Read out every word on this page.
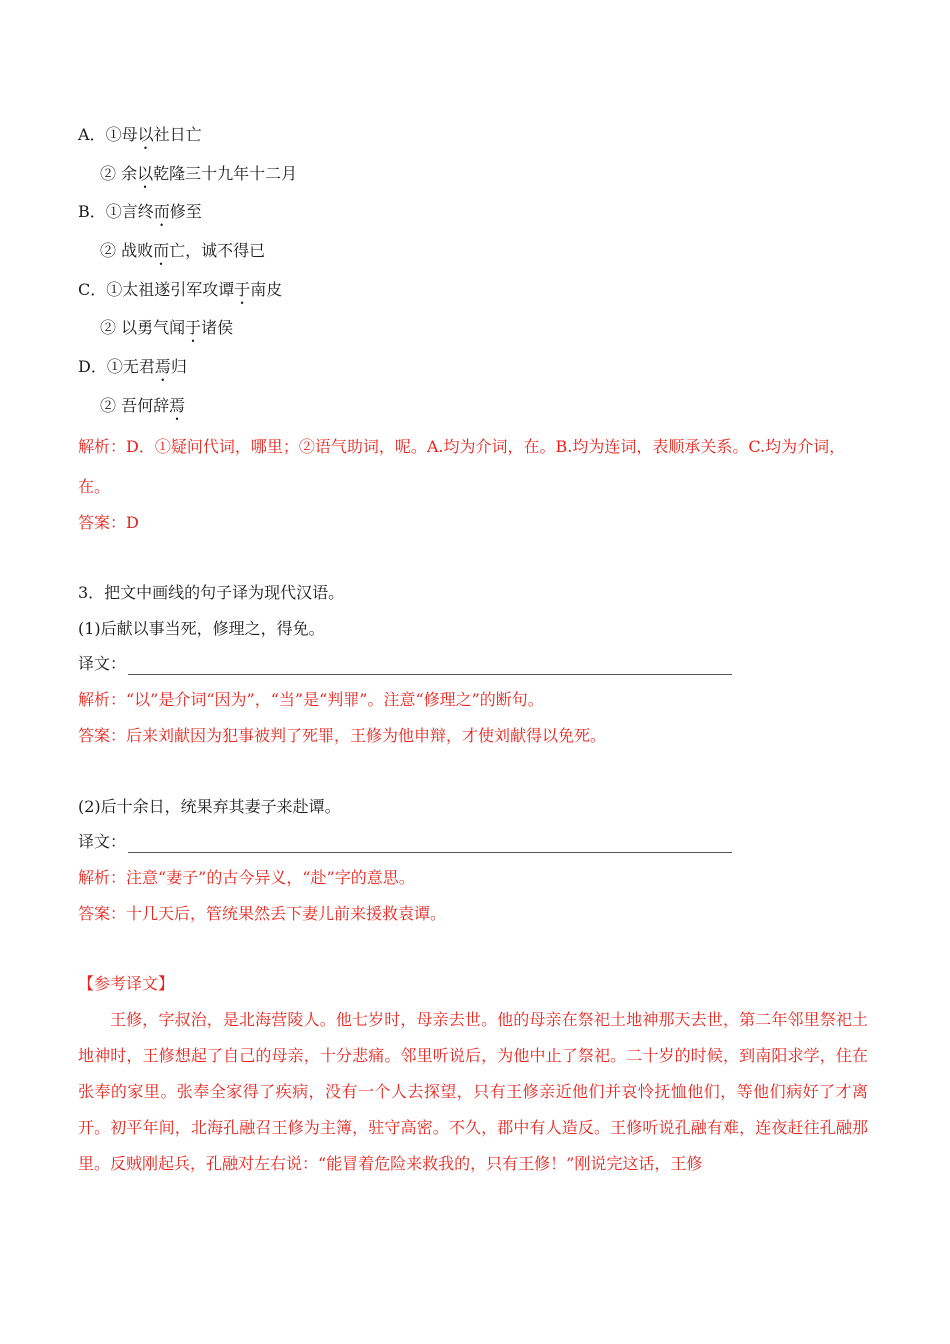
A．①母以社日亡
② 余以乾隆三十九年十二月
B．①言终而修至
② 战败而亡，诚不得已
C．①太祖遂引军攻谭于南皮
② 以勇气闻于诸侯
D．①无君焉归
② 吾何辞焉
解析：D．①疑问代词，哪里；②语气助词，呢。A.均为介词，在。B.均为连词，表顺承关系。C.均为介词，
在。
答案：D
3．把文中画线的句子译为现代汉语。
(1)后献以事当死，修理之，得免。
译文：
解析：“以”是介词“因为”，“当”是“判罪”。注意“修理之”的断句。
答案：后来刘献因为犯事被判了死罪，王修为他申辩，才使刘献得以免死。
(2)后十余日，统果弃其妻子来赴谭。
译文：
解析：注意“妻子”的古今异义，“赴”字的意思。
答案：十几天后，管统果然丢下妻儿前来援救袁谭。
【参考译文】
王修，字叔治，是北海营陵人。他七岁时，母亲去世。他的母亲在祭祀土地神那天去世，第二年邻里祭祀土地神时，王修想起了自己的母亲，十分悲痛。邻里听说后，为他中止了祭祀。二十岁的时候，到南阳求学，住在张奉的家里。张奉全家得了疾病，没有一个人去探望，只有王修亲近他们并哀怜抚恤他们，等他们病好了才离开。初平年间，北海孔融召王修为主簿，驻守高密。不久，郡中有人造反。王修听说孔融有难，连夜赶往孔融那里。反贼刚起兵，孔融对左右说：“能冒着危险来救我的，只有王修！”刚说完这话，王修
